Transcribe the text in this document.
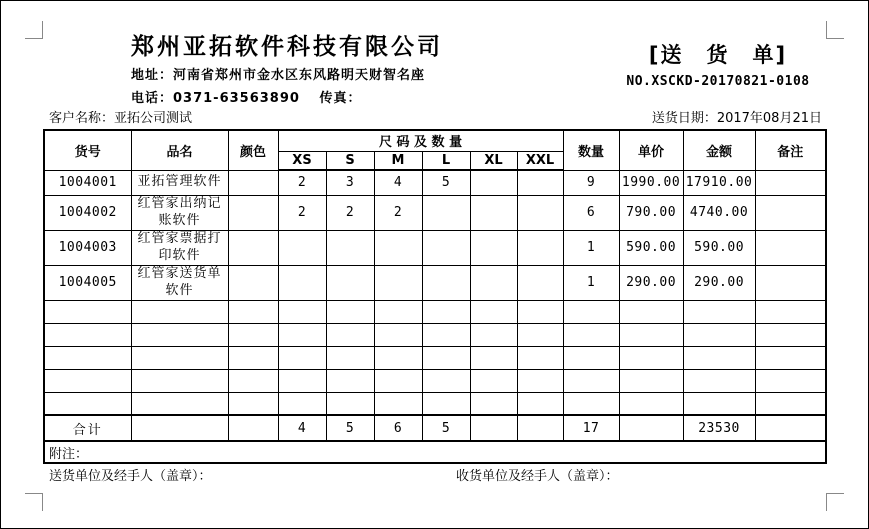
郑州亚拓软件科技有限公司
地址：河南省郑州市金水区东风路明天财智名座
电话：0371-63563890　 传真：
[送　货　单]
NO.XSCKD-20170821-0108
客户名称：亚拓公司测试	送货日期：2017年08月21日
货号	品名	颜色	尺 码 及 数 量						数量	单价	金额	备注
			XS	S	M	L	XL	XXL				
1004001	亚拓管理软件		2	3	4	5			9	1990.00	17910.00	
1004002	红管家出纳记账软件		2	2	2				6	790.00	4740.00	
1004003	红管家票据打印软件								1	590.00	590.00	
1004005	红管家送货单软件								1	290.00	290.00	

合计			4	5	6	5			17		23530	
附注：												
送货单位及经手人（盖章）：	收货单位及经手人（盖章）：
